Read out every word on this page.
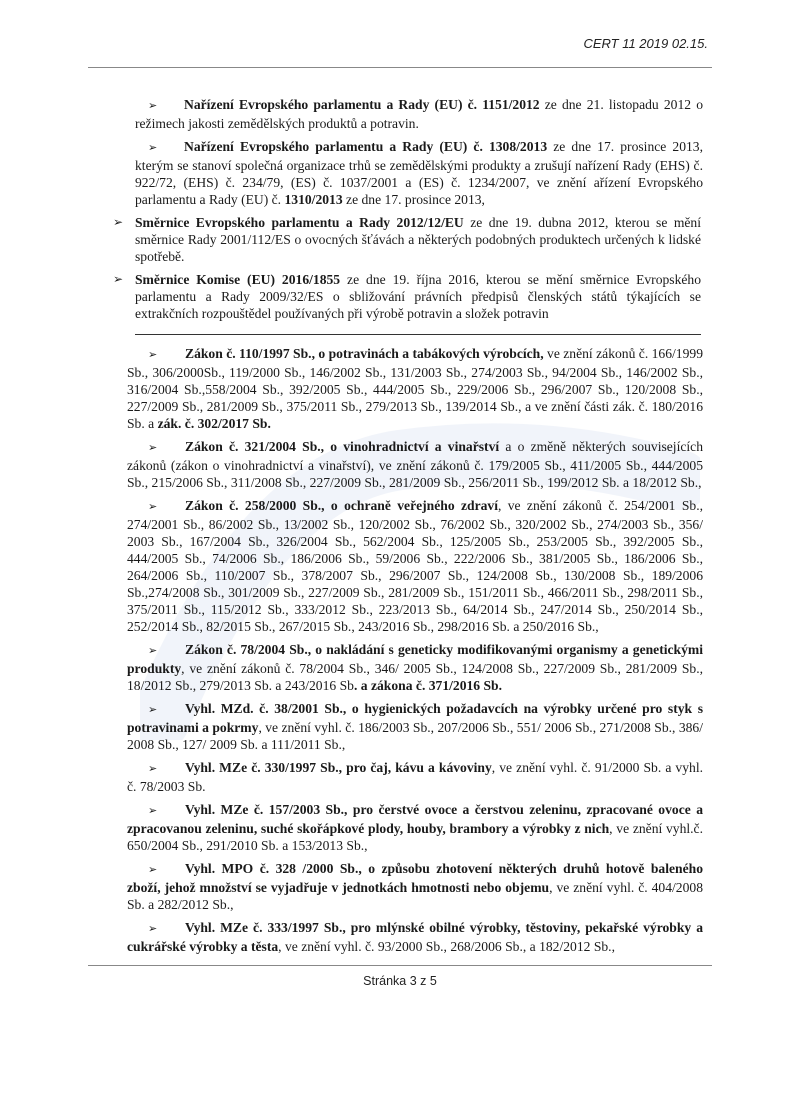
CERT 11 2019 02.15.
➢ Nařízení Evropského parlamentu a Rady (EU) č. 1151/2012 ze dne 21. listopadu 2012 o režimech jakosti zemědělských produktů a potravin.
➢ Nařízení Evropského parlamentu a Rady (EU) č. 1308/2013 ze dne 17. prosince 2013, kterým se stanoví společná organizace trhů se zemědělskými produkty a zrušují nařízení Rady (EHS) č. 922/72, (EHS) č. 234/79, (ES) č. 1037/2001 a (ES) č. 1234/2007, ve znění ařízení Evropského parlamentu a Rady (EU) č. 1310/2013 ze dne 17. prosince 2013,
➢ Směrnice Evropského parlamentu a Rady 2012/12/EU ze dne 19. dubna 2012, kterou se mění směrnice Rady 2001/112/ES o ovocných šťávách a některých podobných produktech určených k lidské spotřebě.
➢ Směrnice Komise (EU) 2016/1855 ze dne 19. října 2016, kterou se mění směrnice Evropského parlamentu a Rady 2009/32/ES o sbližování právních předpisů členských států týkajících se extrakčních rozpouštědel používaných při výrobě potravin a složek potravin
➢ Zákon č. 110/1997 Sb., o potravinách a tabákových výrobcích, ve znění zákonů č. 166/1999 Sb., 306/2000Sb., 119/2000 Sb., 146/2002 Sb., 131/2003 Sb., 274/2003 Sb., 94/2004 Sb., 146/2002 Sb., 316/2004 Sb.,558/2004 Sb., 392/2005 Sb., 444/2005 Sb., 229/2006 Sb., 296/2007 Sb., 120/2008 Sb., 227/2009 Sb., 281/2009 Sb., 375/2011 Sb., 279/2013 Sb., 139/2014 Sb., a ve znění části zák. č. 180/2016 Sb. a zák. č. 302/2017 Sb.
➢ Zákon č. 321/2004 Sb., o vinohradnictví a vinařství a o změně některých souvisejících zákonů (zákon o vinohradnictví a vinařství), ve znění zákonů č. 179/2005 Sb., 411/2005 Sb., 444/2005 Sb., 215/2006 Sb., 311/2008 Sb., 227/2009 Sb., 281/2009 Sb., 256/2011 Sb., 199/2012 Sb. a 18/2012 Sb.,
➢ Zákon č. 258/2000 Sb., o ochraně veřejného zdraví, ve znění zákonů č. 254/2001 Sb., 274/2001 Sb., 86/2002 Sb., 13/2002 Sb., 120/2002 Sb., 76/2002 Sb., 320/2002 Sb., 274/2003 Sb., 356/ 2003 Sb., 167/2004 Sb., 326/2004 Sb., 562/2004 Sb., 125/2005 Sb., 253/2005 Sb., 392/2005 Sb., 444/2005 Sb., 74/2006 Sb., 186/2006 Sb., 59/2006 Sb., 222/2006 Sb., 381/2005 Sb., 186/2006 Sb., 264/2006 Sb., 110/2007 Sb., 378/2007 Sb., 296/2007 Sb., 124/2008 Sb., 130/2008 Sb., 189/2006 Sb.,274/2008 Sb., 301/2009 Sb., 227/2009 Sb., 281/2009 Sb., 151/2011 Sb., 466/2011 Sb., 298/2011 Sb., 375/2011 Sb., 115/2012 Sb., 333/2012 Sb., 223/2013 Sb., 64/2014 Sb., 247/2014 Sb., 250/2014 Sb., 252/2014 Sb., 82/2015 Sb., 267/2015 Sb., 243/2016 Sb., 298/2016 Sb. a 250/2016 Sb.,
➢ Zákon č. 78/2004 Sb., o nakládání s geneticky modifikovanými organismy a genetickými produkty, ve znění zákonů č. 78/2004 Sb., 346/ 2005 Sb., 124/2008 Sb., 227/2009 Sb., 281/2009 Sb., 18/2012 Sb., 279/2013 Sb. a 243/2016 Sb. a zákona č. 371/2016 Sb.
➢ Vyhl. MZd. č. 38/2001 Sb., o hygienických požadavcích na výrobky určené pro styk s potravinami a pokrmy, ve znění vyhl. č. 186/2003 Sb., 207/2006 Sb., 551/ 2006 Sb., 271/2008 Sb., 386/ 2008 Sb., 127/ 2009 Sb. a 111/2011 Sb.,
➢ Vyhl. MZe č. 330/1997 Sb., pro čaj, kávu a kávoviny, ve znění vyhl. č. 91/2000 Sb. a vyhl. č. 78/2003 Sb.
➢ Vyhl. MZe č. 157/2003 Sb., pro čerstvé ovoce a čerstvou zeleninu, zpracované ovoce a zpracovanou zeleninu, suché skořápkové plody, houby, brambory a výrobky z nich, ve znění vyhl.č. 650/2004 Sb., 291/2010 Sb. a 153/2013 Sb.,
➢ Vyhl. MPO č. 328 /2000 Sb., o způsobu zhotovení některých druhů hotově baleného zboží, jehož množství se vyjadřuje v jednotkách hmotnosti nebo objemu, ve znění vyhl. č. 404/2008 Sb. a 282/2012 Sb.,
➢ Vyhl. MZe č. 333/1997 Sb., pro mlýnské obilné výrobky, těstoviny, pekařské výrobky a cukrářské výrobky a těsta, ve znění vyhl. č. 93/2000 Sb., 268/2006 Sb., a 182/2012 Sb.,
Stránka 3 z 5
